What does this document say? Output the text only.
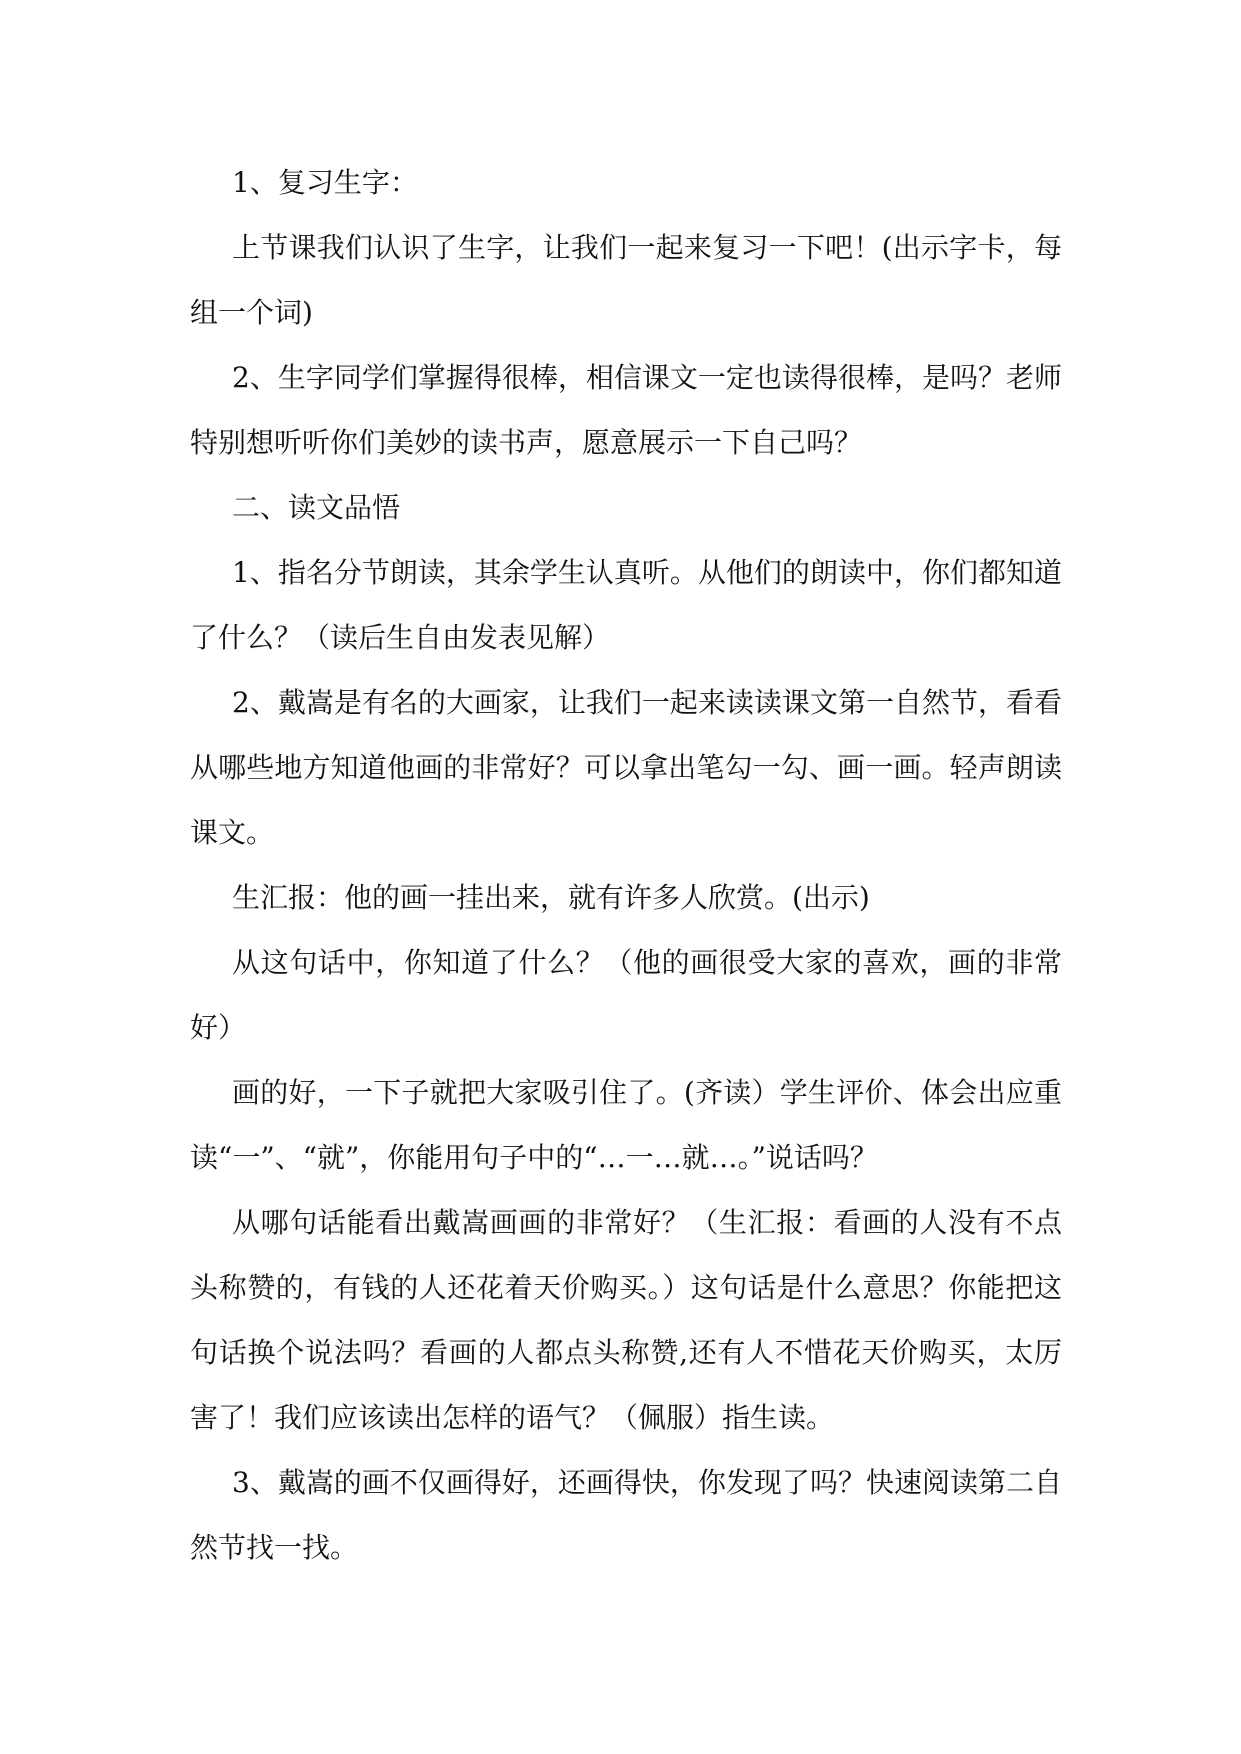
1、复习生字：

上节课我们认识了生字，让我们一起来复习一下吧！(出示字卡，每组一个词)

2、生字同学们掌握得很棒，相信课文一定也读得很棒，是吗？老师特别想听听你们美妙的读书声，愿意展示一下自己吗？

二、读文品悟

1、指名分节朗读，其余学生认真听。从他们的朗读中，你们都知道了什么？（读后生自由发表见解）

2、戴嵩是有名的大画家，让我们一起来读读课文第一自然节，看看从哪些地方知道他画的非常好？可以拿出笔勾一勾、画一画。轻声朗读课文。

生汇报：他的画一挂出来，就有许多人欣赏。(出示)

从这句话中，你知道了什么？（他的画很受大家的喜欢，画的非常好）

画的好，一下子就把大家吸引住了。(齐读）学生评价、体会出应重读“一”、“就”，你能用句子中的“…一…就…。”说话吗？

从哪句话能看出戴嵩画画的非常好？（生汇报：看画的人没有不点头称赞的，有钱的人还花着天价购买。）这句话是什么意思？你能把这句话换个说法吗？看画的人都点头称赞,还有人不惜花天价购买，太厉害了！我们应该读出怎样的语气？（佩服）指生读。

3、戴嵩的画不仅画得好，还画得快，你发现了吗？快速阅读第二自然节找一找。
